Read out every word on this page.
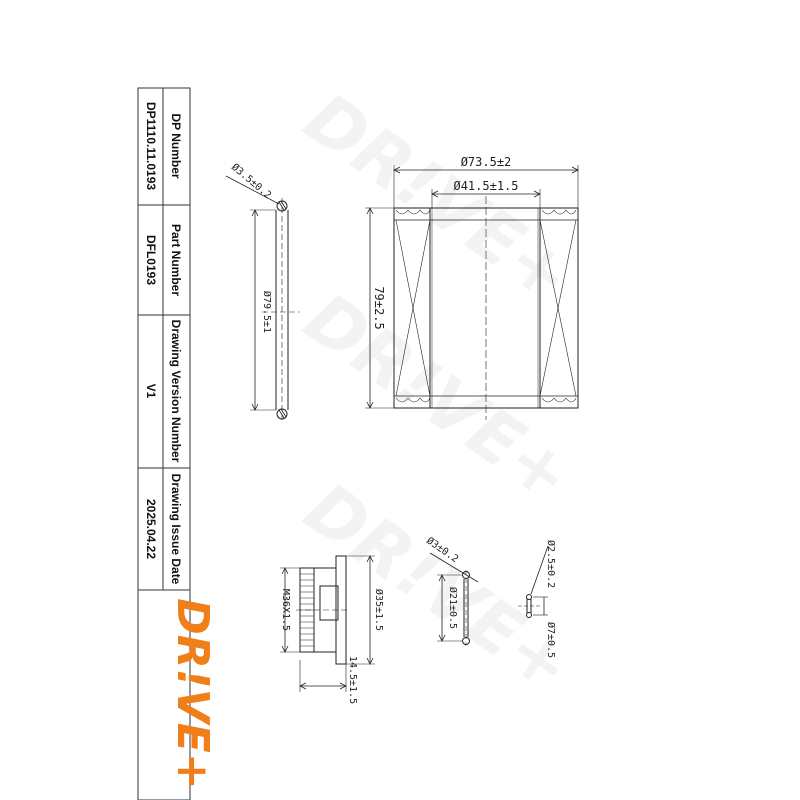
DP Number
Part Number
Drawing Version Number
Drawing Issue Date
DP1110.11.0193
DFL0193
V1
2025.04.22
DR!VE+
Ø3.5±0.2
Ø79.5±1
Ø73.5±2
Ø41.5±1.5
79±2.5
M36X1.5	Ø35±1.5
14.5±1.5
Ø3±0.2
Ø21±0.5
Ø2.5±0.2
Ø7±0.5
